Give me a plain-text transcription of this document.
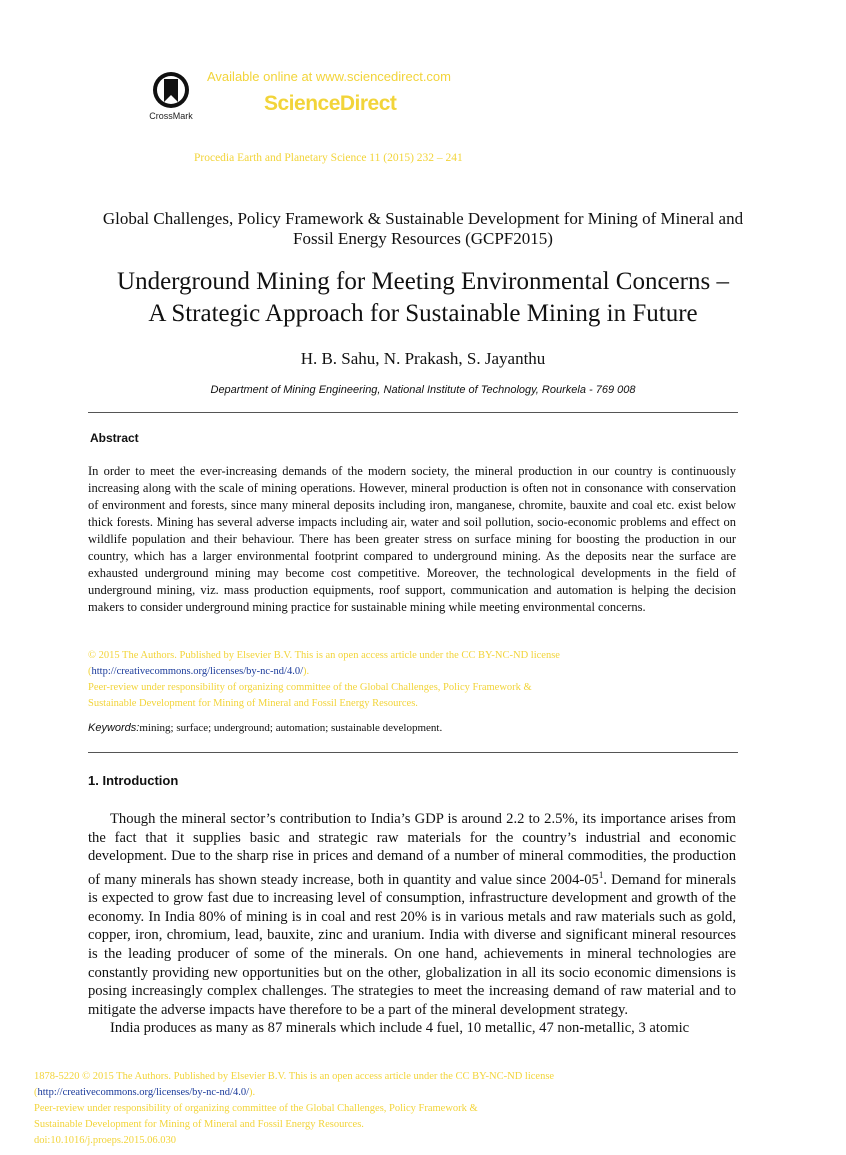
CrossMark
Available online at www.sciencedirect.com
ScienceDirect
Procedia Earth and Planetary Science 11 (2015) 232 – 241
Global Challenges, Policy Framework & Sustainable Development for Mining of Mineral and Fossil Energy Resources (GCPF2015)
Underground Mining for Meeting Environmental Concerns –
A Strategic Approach for Sustainable Mining in Future
H. B. Sahu, N. Prakash, S. Jayanthu
Department of Mining Engineering, National Institute of Technology, Rourkela - 769 008
Abstract
In order to meet the ever-increasing demands of the modern society, the mineral production in our country is continuously increasing along with the scale of mining operations. However, mineral production is often not in consonance with conservation of environment and forests, since many mineral deposits including iron, manganese, chromite, bauxite and coal etc. exist below thick forests. Mining has several adverse impacts including air, water and soil pollution, socio-economic problems and effect on wildlife population and their behaviour. There has been greater stress on surface mining for boosting the production in our country, which has a larger environmental footprint compared to underground mining. As the deposits near the surface are exhausted underground mining may become cost competitive. Moreover, the technological developments in the field of underground mining, viz. mass production equipments, roof support, communication and automation is helping the decision makers to consider underground mining practice for sustainable mining while meeting environmental concerns.
© 2015 The Authors. Published by Elsevier B.V. This is an open access article under the CC BY-NC-ND license
(http://creativecommons.org/licenses/by-nc-nd/4.0/).
Peer-review under responsibility of organizing committee of the Global Challenges, Policy Framework &
Sustainable Development for Mining of Mineral and Fossil Energy Resources.
Keywords:mining; surface; underground; automation; sustainable development.
1. Introduction

Though the mineral sector’s contribution to India’s GDP is around 2.2 to 2.5%, its importance arises from the fact that it supplies basic and strategic raw materials for the country’s industrial and economic development. Due to the sharp rise in prices and demand of a number of mineral commodities, the production of many minerals has shown steady increase, both in quantity and value since $2004-05^1$. Demand for minerals is expected to grow fast due to increasing level of consumption, infrastructure development and growth of the economy. In India 80% of mining is in coal and rest 20% is in various metals and raw materials such as gold, copper, iron, chromium, lead, bauxite, zinc and uranium. India with diverse and significant mineral resources is the leading producer of some of the minerals. On one hand, achievements in mineral technologies are constantly providing new opportunities but on the other, globalization in all its socio economic dimensions is posing increasingly complex challenges. The strategies to meet the increasing demand of raw material and to mitigate the adverse impacts have therefore to be a part of the mineral development strategy.

India produces as many as 87 minerals which include 4 fuel, 10 metallic, 47 non-metallic, 3 atomic

1878-5220 © 2015 The Authors. Published by Elsevier B.V. This is an open access article under the CC BY-NC-ND license
(http://creativecommons.org/licenses/by-nc-nd/4.0/).
Peer-review under responsibility of organizing committee of the Global Challenges, Policy Framework &
Sustainable Development for Mining of Mineral and Fossil Energy Resources.
doi:10.1016/j.proeps.2015.06.030
